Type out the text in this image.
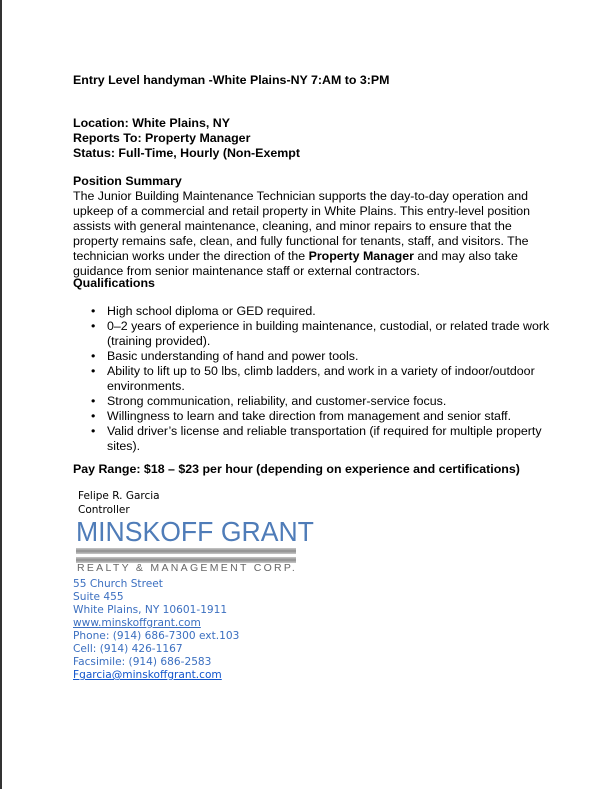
Entry Level handyman -White Plains-NY 7:AM to 3:PM
Location: White Plains, NY
Reports To: Property Manager
Status: Full-Time, Hourly (Non-Exempt
Position Summary
The Junior Building Maintenance Technician supports the day-to-day operation and
upkeep of a commercial and retail property in White Plains. This entry-level position
assists with general maintenance, cleaning, and minor repairs to ensure that the
property remains safe, clean, and fully functional for tenants, staff, and visitors. The
technician works under the direction of the Property Manager and may also take
guidance from senior maintenance staff or external contractors.
Qualifications
• High school diploma or GED required.
• 0–2 years of experience in building maintenance, custodial, or related trade work
(training provided).
• Basic understanding of hand and power tools.
• Ability to lift up to 50 lbs, climb ladders, and work in a variety of indoor/outdoor
environments.
• Strong communication, reliability, and customer-service focus.
• Willingness to learn and take direction from management and senior staff.
• Valid driver’s license and reliable transportation (if required for multiple property
sites).
Pay Range: $18 – $23 per hour (depending on experience and certifications)
Felipe R. Garcia
Controller
MINSKOFF GRANT
REALTY & MANAGEMENT CORP.
55 Church Street
Suite 455
White Plains, NY 10601-1911
www.minskoffgrant.com
Phone: (914) 686-7300 ext.103
Cell: (914) 426-1167
Facsimile: (914) 686-2583
Fgarcia@minskoffgrant.com
